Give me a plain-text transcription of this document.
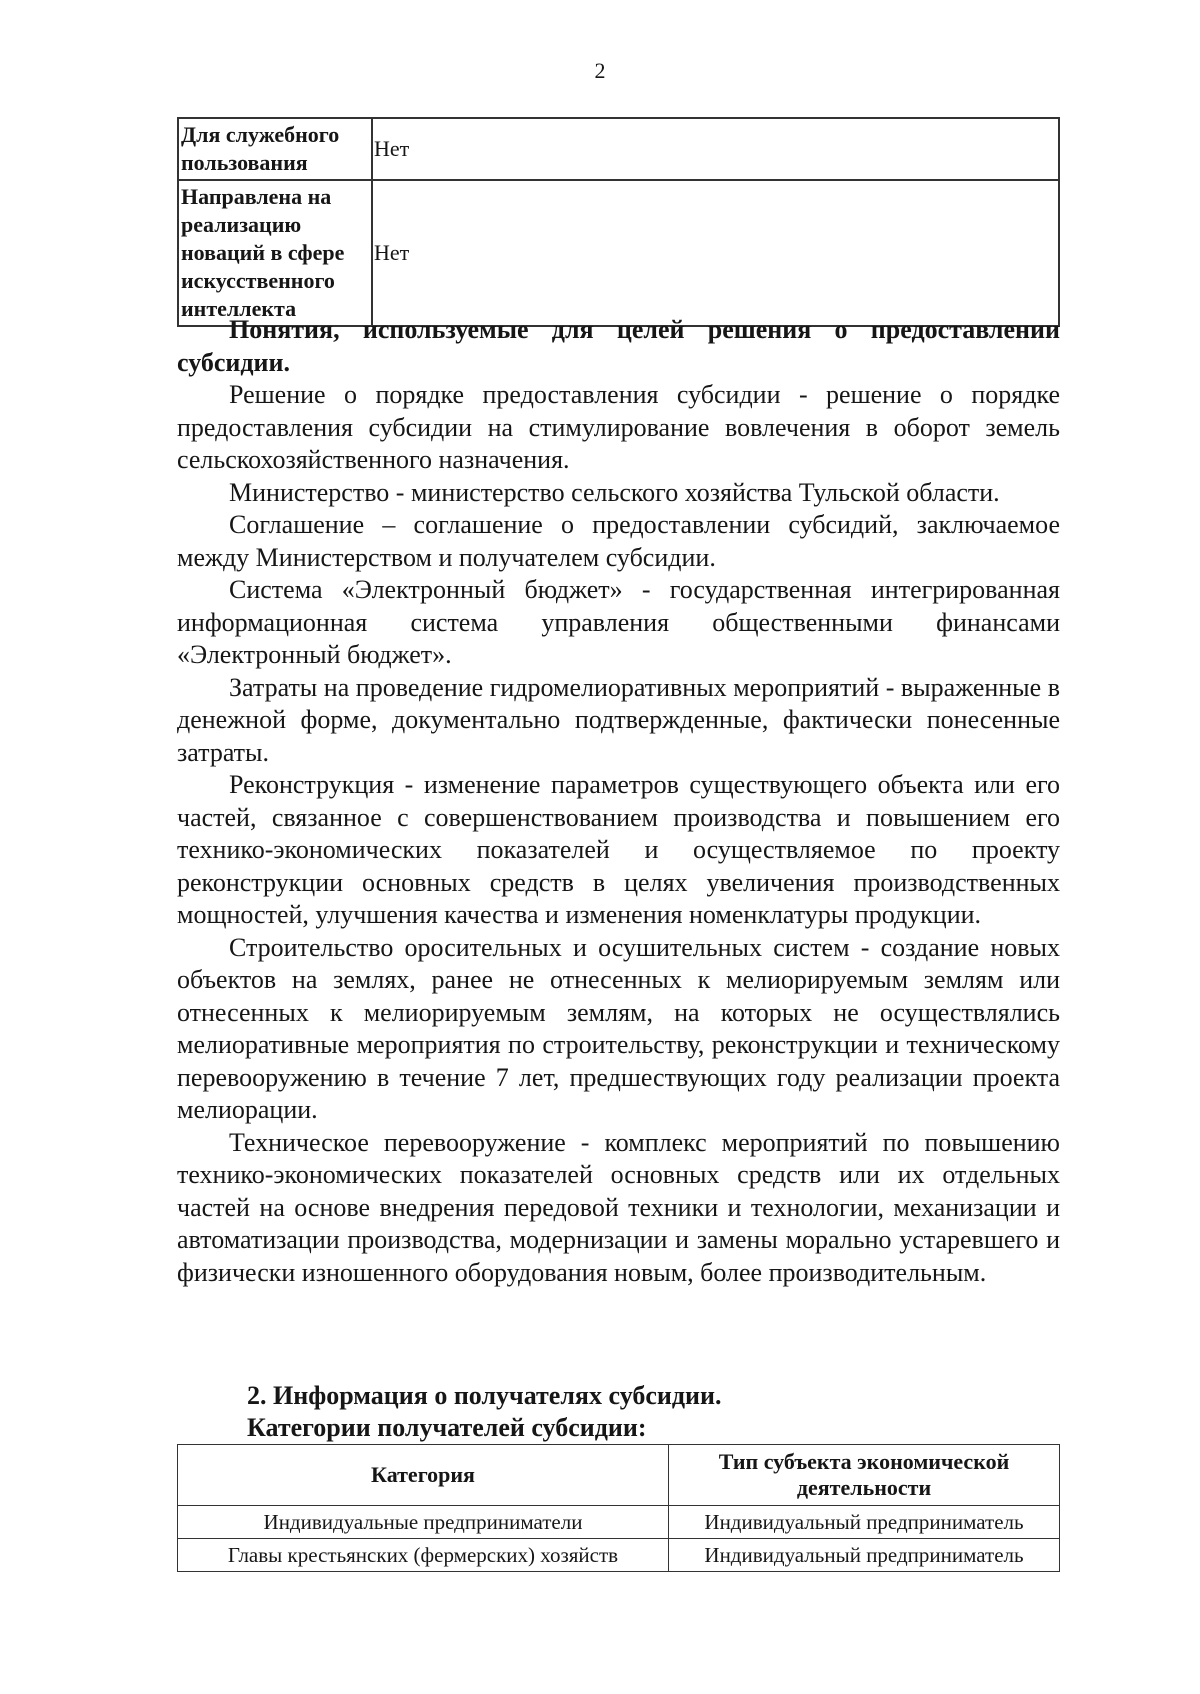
2
Для служебного пользования	Нет
Направлена на реализацию новаций в сфере искусственного интеллекта	Нет

Понятия, используемые для целей решения о предоставлении субсидии.

Решение о порядке предоставления субсидии - решение о порядке предоставления субсидии на стимулирование вовлечения в оборот земель сельскохозяйственного назначения.

Министерство - министерство сельского хозяйства Тульской области.

Соглашение – соглашение о предоставлении субсидий, заключаемое между Министерством и получателем субсидии.

Система «Электронный бюджет» - государственная интегрированная информационная система управления общественными финансами «Электронный бюджет».

Затраты на проведение гидромелиоративных мероприятий - выраженные в денежной форме, документально подтвержденные, фактически понесенные затраты.

Реконструкция - изменение параметров существующего объекта или его частей, связанное с совершенствованием производства и повышением его технико-экономических показателей и осуществляемое по проекту реконструкции основных средств в целях увеличения производственных мощностей, улучшения качества и изменения номенклатуры продукции.

Строительство оросительных и осушительных систем - создание новых объектов на землях, ранее не отнесенных к мелиорируемым землям или отнесенных к мелиорируемым землям, на которых не осуществлялись мелиоративные мероприятия по строительству, реконструкции и техническому перевооружению в течение 7 лет, предшествующих году реализации проекта мелиорации.

Техническое перевооружение - комплекс мероприятий по повышению технико-экономических показателей основных средств или их отдельных частей на основе внедрения передовой техники и технологии, механизации и автоматизации производства, модернизации и замены морально устаревшего и физически изношенного оборудования новым, более производительным.

2. Информация о получателях субсидии.

Категории получателей субсидии:

Категория	Тип субъекта экономической деятельности
Индивидуальные предприниматели	Индивидуальный предприниматель
Главы крестьянских (фермерских) хозяйств	Индивидуальный предприниматель
